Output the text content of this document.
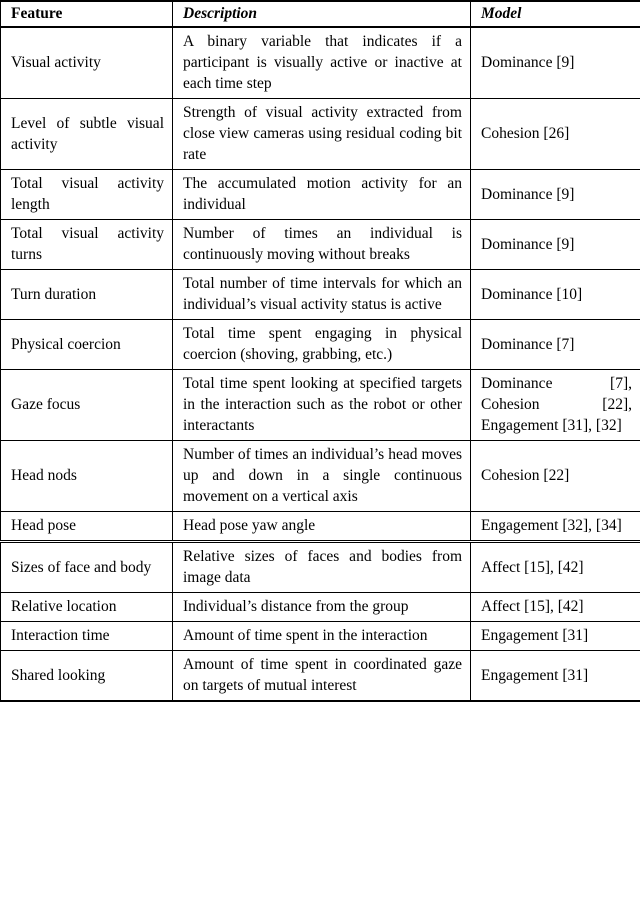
Feature	Description	Model
Visual activity	A binary variable that indicates if a participant is visually active or inactive at each time step	Dominance [9]
Level of subtle visual activity	Strength of visual activity extracted from close view cameras using residual coding bit rate	Cohesion [26]
Total visual activity length	The accumulated motion activity for an individual	Dominance [9]
Total visual activity turns	Number of times an individual is continuously moving without breaks	Dominance [9]
Turn duration	Total number of time intervals for which an individual’s visual activity status is active	Dominance [10]
Physical coercion	Total time spent engaging in physical coercion (shoving, grabbing, etc.)	Dominance [7]
Gaze focus	Total time spent looking at specified targets in the interaction such as the robot or other interactants	Dominance [7], Cohesion [22], Engagement [31], [32]
Head nods	Number of times an individual’s head moves up and down in a single continuous movement on a vertical axis	Cohesion [22]
Head pose	Head pose yaw angle	Engagement [32], [34]
Sizes of face and body	Relative sizes of faces and bodies from image data	Affect [15], [42]
Relative location	Individual’s distance from the group	Affect [15], [42]
Interaction time	Amount of time spent in the interaction	Engagement [31]
Shared looking	Amount of time spent in coordinated gaze on targets of mutual interest	Engagement [31]
